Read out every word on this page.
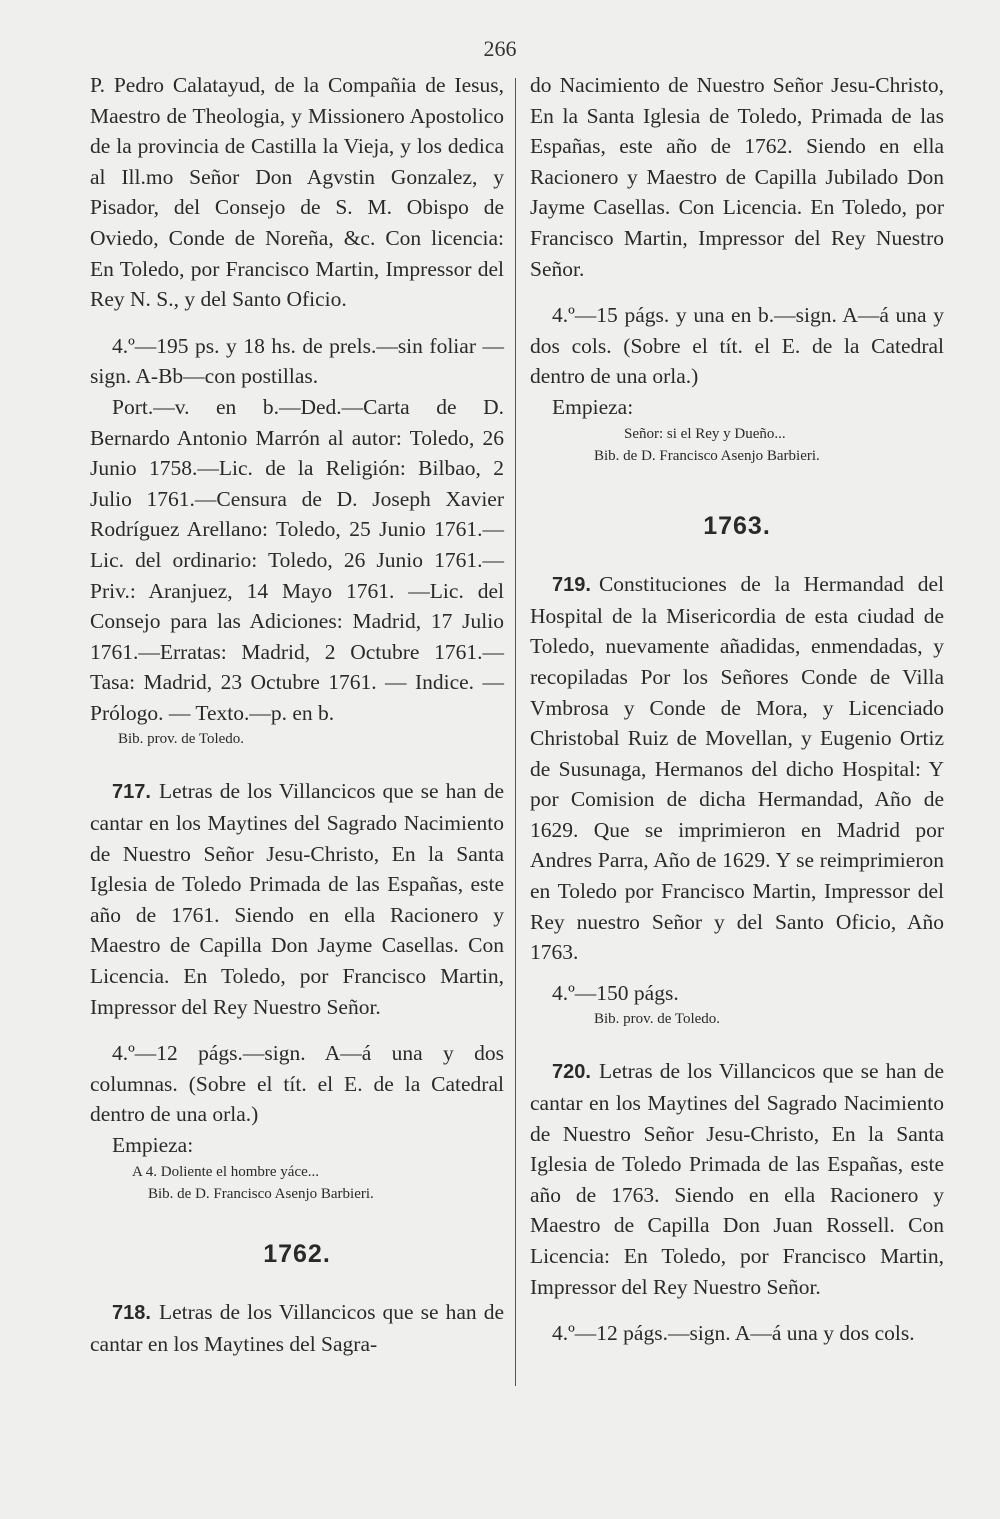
266

P. Pedro Calatayud, de la Compañia de Iesus, Maestro de Theologia, y Missionero Apostolico de la provincia de Castilla la Vieja, y los dedica al Ill.mo Señor Don Agvstin Gonzalez, y Pisador, del Consejo de S. M. Obispo de Oviedo, Conde de Noreña, &c. Con licencia: En Toledo, por Francisco Martin, Impressor del Rey N. S., y del Santo Oficio.

4.º—195 ps. y 18 hs. de prels.—sin foliar —sign. A-Bb—con postillas.

Port.—v. en b.—Ded.—Carta de D. Bernardo Antonio Marrón al autor: Toledo, 26 Junio 1758.—Lic. de la Religión: Bilbao, 2 Julio 1761.—Censura de D. Joseph Xavier Rodríguez Arellano: Toledo, 25 Junio 1761.—Lic. del ordinario: Toledo, 26 Junio 1761.—Priv.: Aranjuez, 14 Mayo 1761. —Lic. del Consejo para las Adiciones: Madrid, 17 Julio 1761.—Erratas: Madrid, 2 Octubre 1761.—Tasa: Madrid, 23 Octubre 1761. — Indice. — Prólogo. — Texto.—p. en b.

Bib. prov. de Toledo.

717. Letras de los Villancicos que se han de cantar en los Maytines del Sagrado Nacimiento de Nuestro Señor Jesu-Christo, En la Santa Iglesia de Toledo Primada de las Españas, este año de 1761. Siendo en ella Racionero y Maestro de Capilla Don Jayme Casellas. Con Licencia. En Toledo, por Francisco Martin, Impressor del Rey Nuestro Señor.

4.º—12 págs.—sign. A—á una y dos columnas. (Sobre el tít. el E. de la Catedral dentro de una orla.)

Empieza:

A 4. Doliente el hombre yáce...

Bib. de D. Francisco Asenjo Barbieri.

1762.

718. Letras de los Villancicos que se han de cantar en los Maytines del Sagra-

do Nacimiento de Nuestro Señor Jesu-Christo, En la Santa Iglesia de Toledo, Primada de las Españas, este año de 1762. Siendo en ella Racionero y Maestro de Capilla Jubilado Don Jayme Casellas. Con Licencia. En Toledo, por Francisco Martin, Impressor del Rey Nuestro Señor.

4.º—15 págs. y una en b.—sign. A—á una y dos cols. (Sobre el tít. el E. de la Catedral dentro de una orla.)

Empieza:

Señor: si el Rey y Dueño...

Bib. de D. Francisco Asenjo Barbieri.

1763.

719. Constituciones de la Hermandad del Hospital de la Misericordia de esta ciudad de Toledo, nuevamente añadidas, enmendadas, y recopiladas Por los Señores Conde de Villa Vmbrosa y Conde de Mora, y Licenciado Christobal Ruiz de Movellan, y Eugenio Ortiz de Susunaga, Hermanos del dicho Hospital: Y por Comision de dicha Hermandad, Año de 1629. Que se imprimieron en Madrid por Andres Parra, Año de 1629. Y se reimprimieron en Toledo por Francisco Martin, Impressor del Rey nuestro Señor y del Santo Oficio, Año 1763.

4.º—150 págs.

Bib. prov. de Toledo.

720. Letras de los Villancicos que se han de cantar en los Maytines del Sagrado Nacimiento de Nuestro Señor Jesu-Christo, En la Santa Iglesia de Toledo Primada de las Españas, este año de 1763. Siendo en ella Racionero y Maestro de Capilla Don Juan Rossell. Con Licencia: En Toledo, por Francisco Martin, Impressor del Rey Nuestro Señor.

4.º—12 págs.—sign. A—á una y dos cols.
